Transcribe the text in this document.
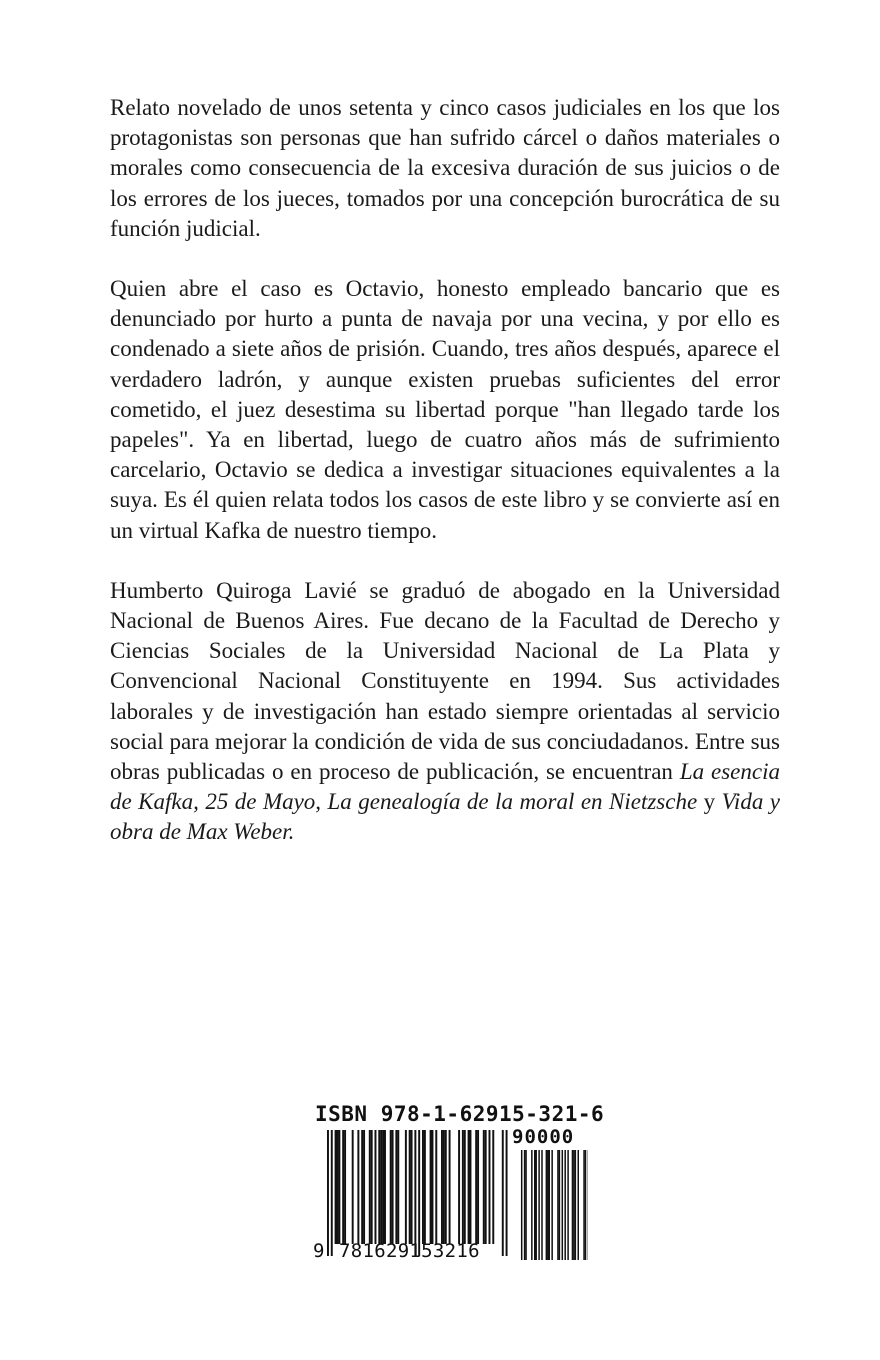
Relato novelado de unos setenta y cinco casos judiciales en los que los protagonistas son personas que han sufrido cárcel o daños materiales o morales como consecuencia de la excesiva duración de sus juicios o de los errores de los jueces, tomados por una concepción burocrática de su función judicial.

Quien abre el caso es Octavio, honesto empleado bancario que es denunciado por hurto a punta de navaja por una vecina, y por ello es condenado a siete años de prisión. Cuando, tres años después, aparece el verdadero ladrón, y aunque existen pruebas suficientes del error cometido, el juez desestima su libertad porque "han llegado tarde los papeles". Ya en libertad, luego de cuatro años más de sufrimiento carcelario, Octavio se dedica a investigar situaciones equivalentes a la suya. Es él quien relata todos los casos de este libro y se convierte así en un virtual Kafka de nuestro tiempo.

Humberto Quiroga Lavié se graduó de abogado en la Universidad Nacional de Buenos Aires. Fue decano de la Facultad de Derecho y Ciencias Sociales de la Universidad Nacional de La Plata y Convencional Nacional Constituyente en 1994. Sus actividades laborales y de investigación han estado siempre orientadas al servicio social para mejorar la condición de vida de sus conciudadanos. Entre sus obras publicadas o en proceso de publicación, se encuentran La esencia de Kafka, 25 de Mayo, La genealogía de la moral en Nietzsche y Vida y obra de Max Weber.

ISBN 978-1-62915-321-6
90000
9 781629153216
